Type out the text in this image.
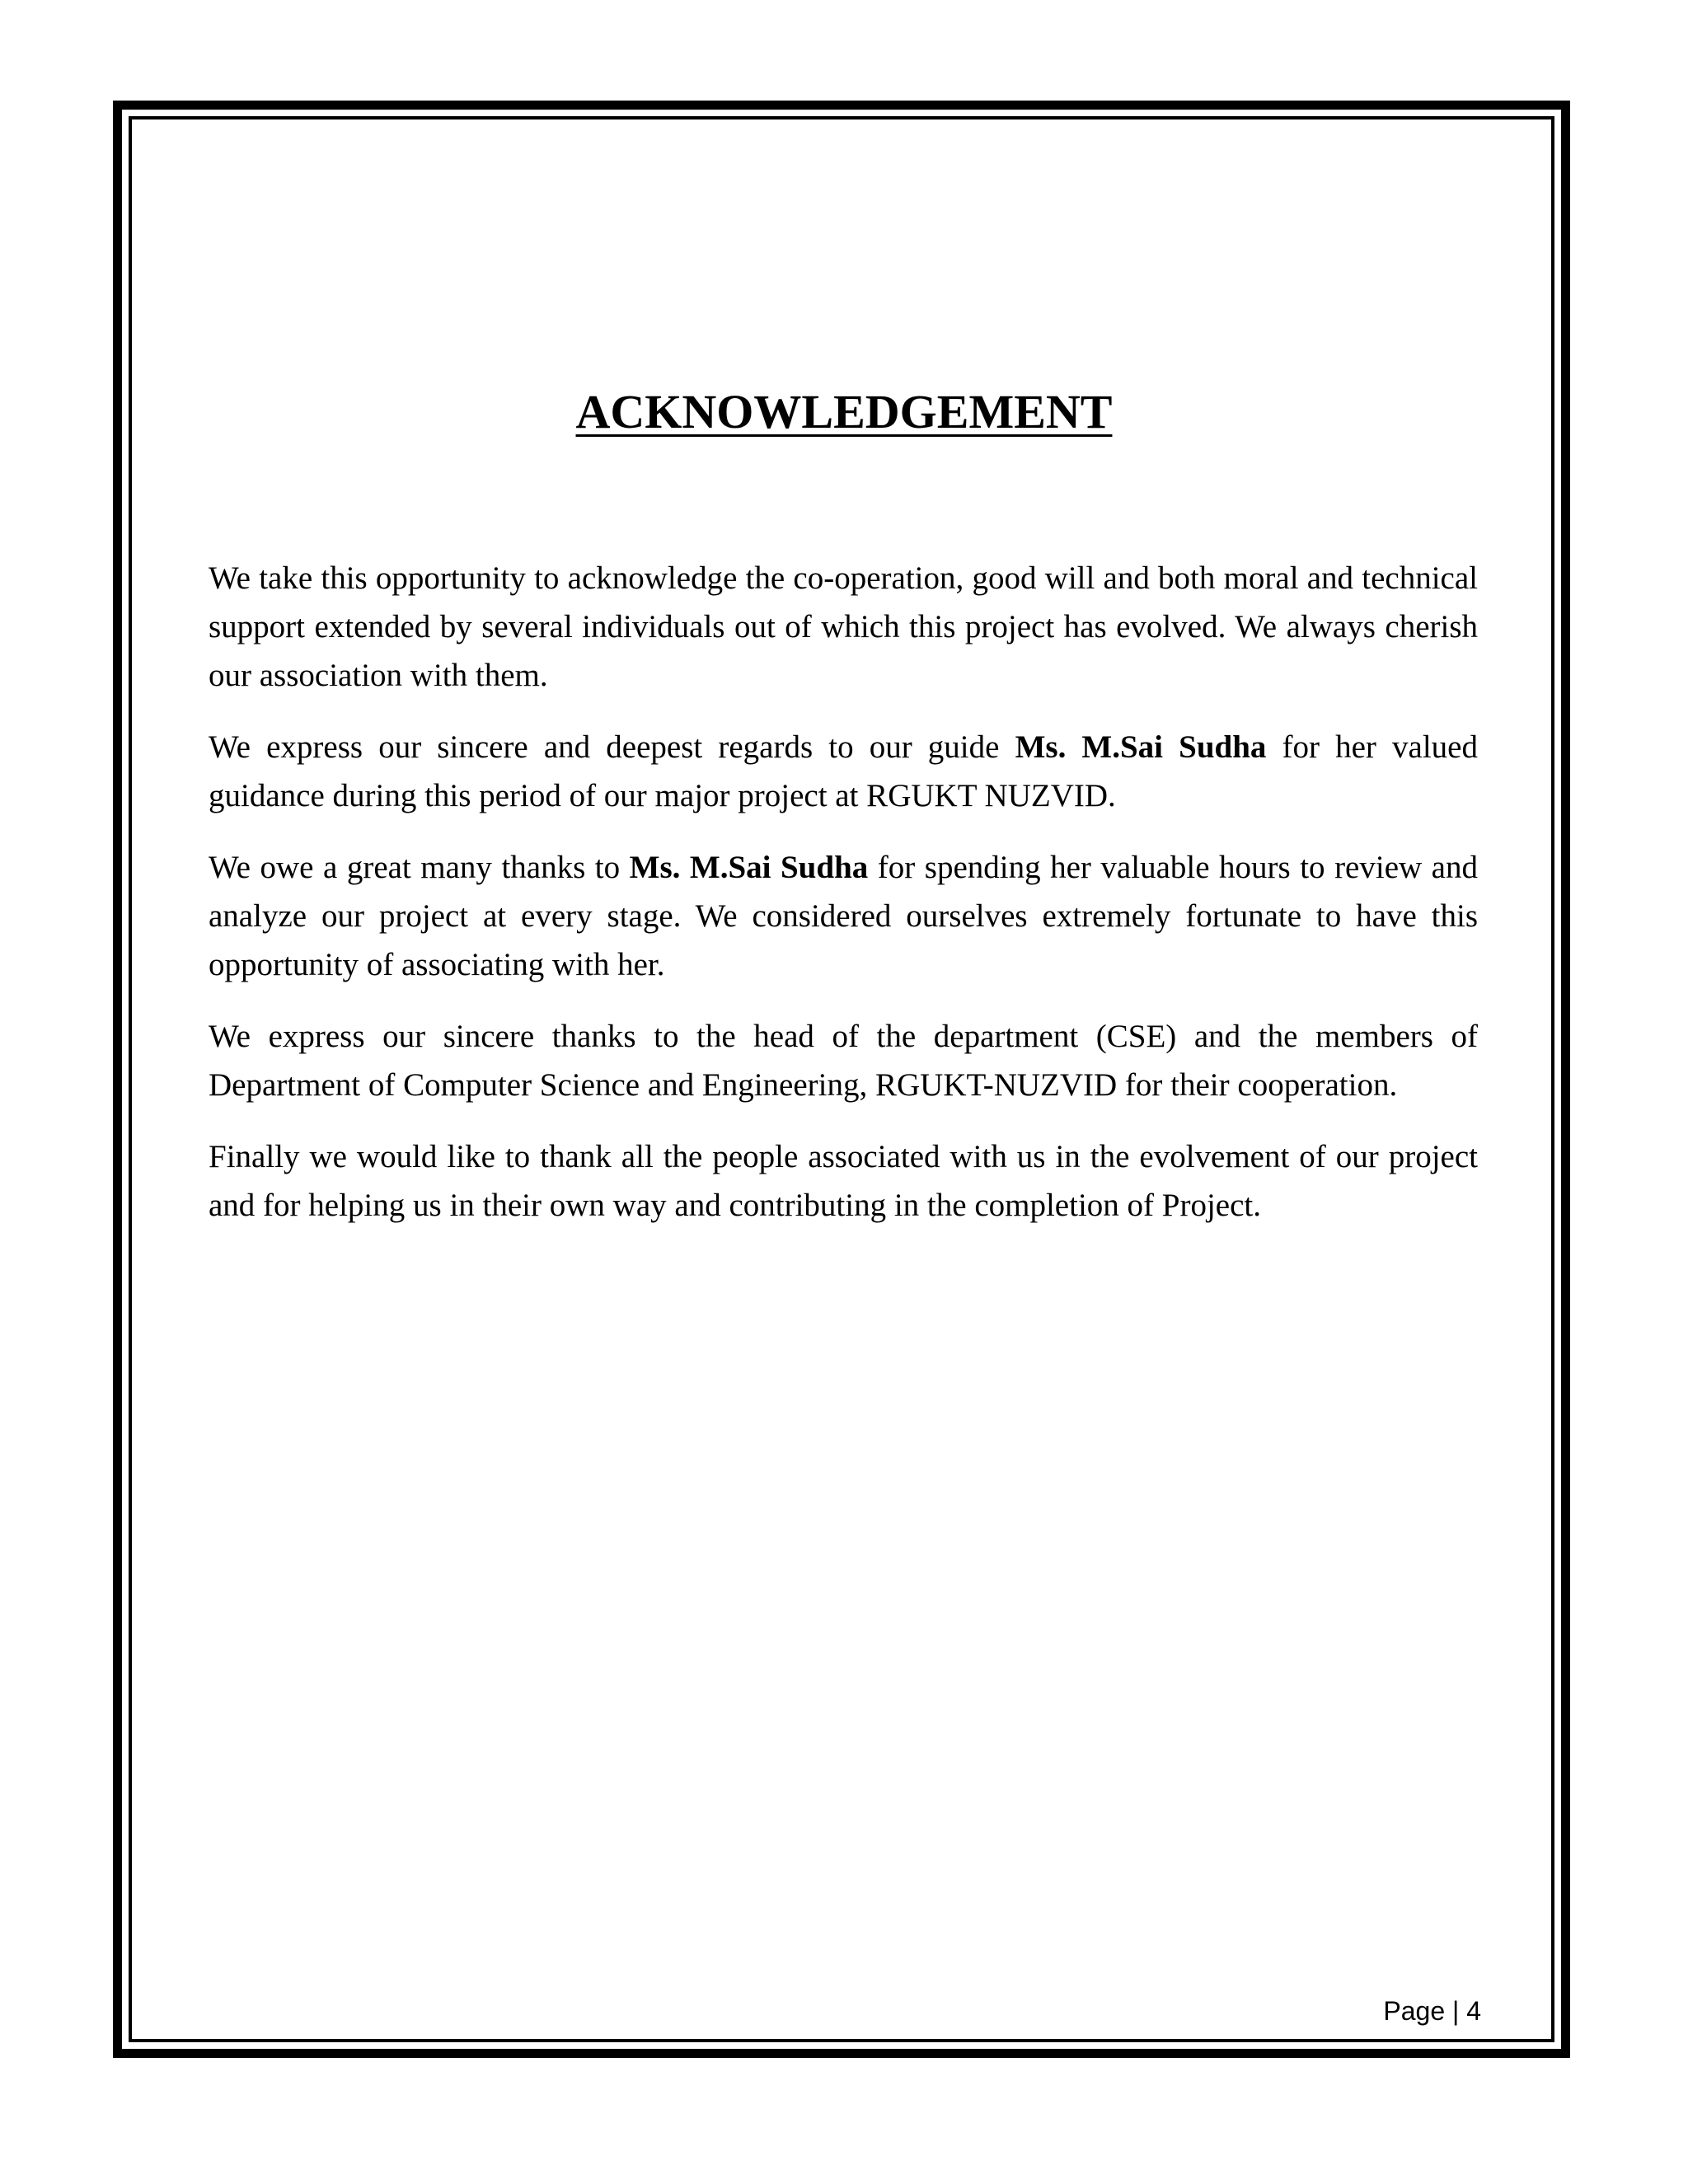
ACKNOWLEDGEMENT

We take this opportunity to acknowledge the co-operation, good will and both moral and technical support extended by several individuals out of which this project has evolved. We always cherish our association with them.

We express our sincere and deepest regards to our guide Ms. M.Sai Sudha for her valued guidance during this period of our major project at RGUKT NUZVID.

We owe a great many thanks to Ms. M.Sai Sudha for spending her valuable hours to review and analyze our project at every stage. We considered ourselves extremely fortunate to have this opportunity of associating with her.

We express our sincere thanks to the head of the department (CSE) and the members of Department of Computer Science and Engineering, RGUKT-NUZVID for their cooperation.

Finally we would like to thank all the people associated with us in the evolvement of our project and for helping us in their own way and contributing in the completion of Project.

Page | 4
